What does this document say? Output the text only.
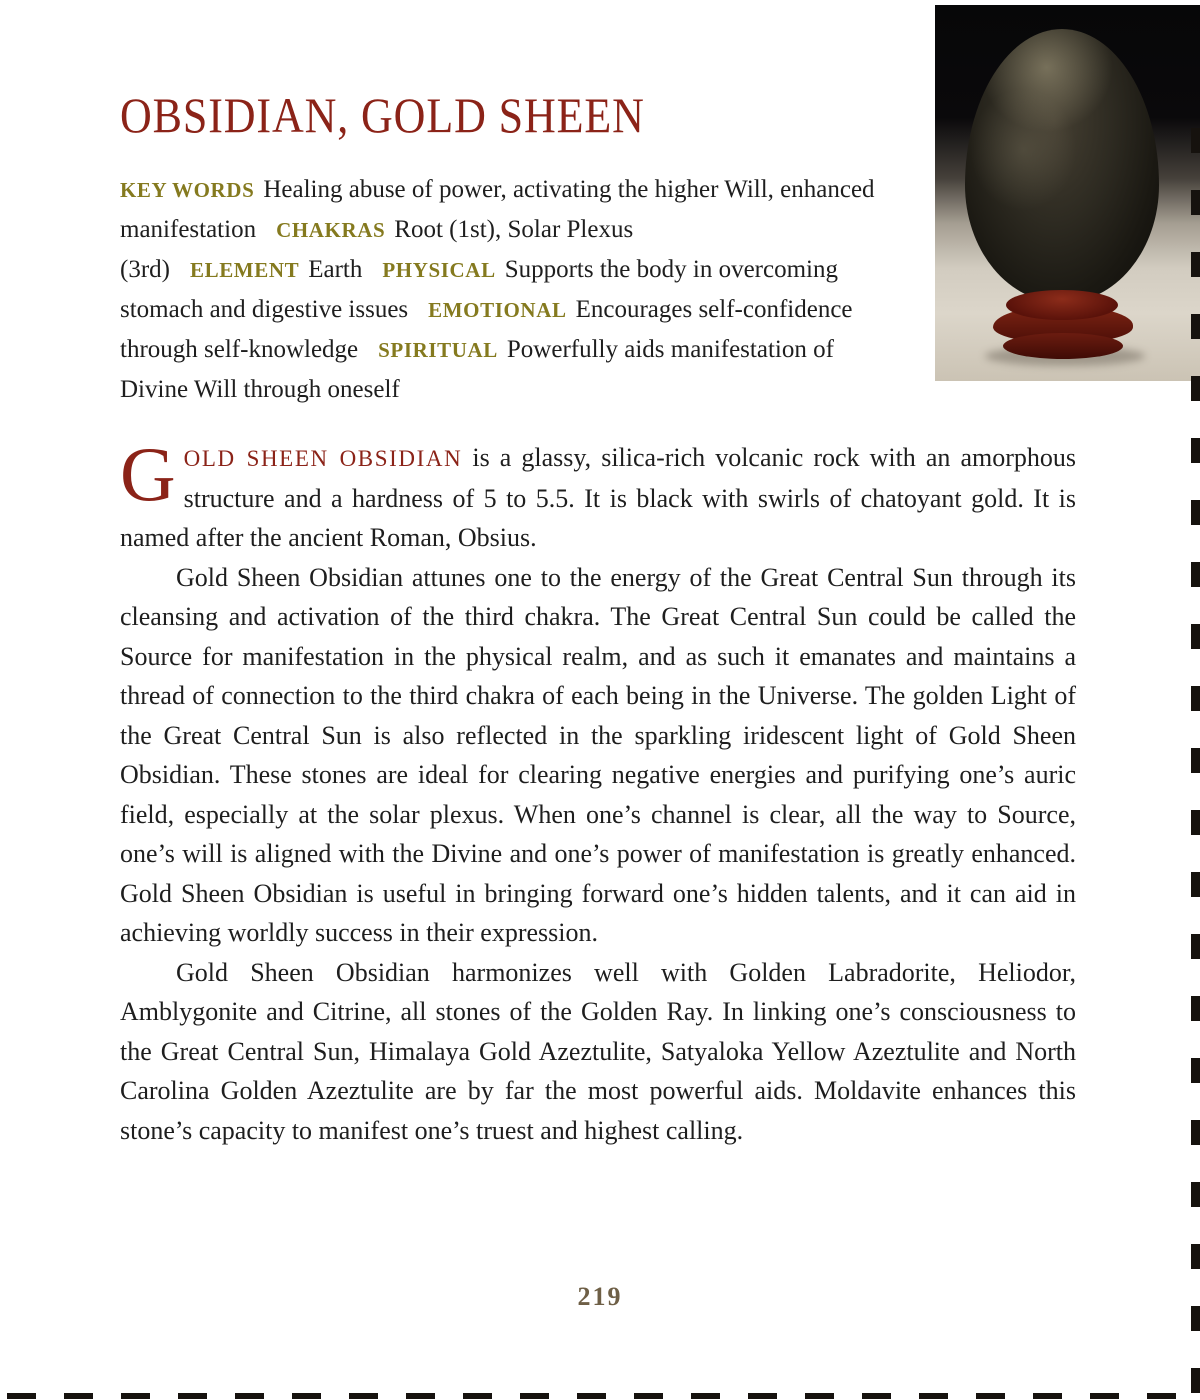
OBSIDIAN, GOLD SHEEN

KEY WORDS Healing abuse of power, activating the higher Will, enhanced manifestation CHAKRAS Root (1st), Solar Plexus (3rd) ELEMENT Earth PHYSICAL Supports the body in overcoming stomach and digestive issues EMOTIONAL Encourages self-confidence through self-knowledge SPIRITUAL Powerfully aids manifestation of Divine Will through oneself

GOLD SHEEN OBSIDIAN is a glassy, silica-rich volcanic rock with an amorphous structure and a hardness of 5 to 5.5. It is black with swirls of chatoyant gold. It is named after the ancient Roman, Obsius.

Gold Sheen Obsidian attunes one to the energy of the Great Central Sun through its cleansing and activation of the third chakra. The Great Central Sun could be called the Source for manifestation in the physical realm, and as such it emanates and maintains a thread of connection to the third chakra of each being in the Universe. The golden Light of the Great Central Sun is also reflected in the sparkling iridescent light of Gold Sheen Obsidian. These stones are ideal for clearing negative energies and purifying one’s auric field, especially at the solar plexus. When one’s channel is clear, all the way to Source, one’s will is aligned with the Divine and one’s power of manifestation is greatly enhanced. Gold Sheen Obsidian is useful in bringing forward one’s hidden talents, and it can aid in achieving worldly success in their expression.

Gold Sheen Obsidian harmonizes well with Golden Labradorite, Heliodor, Amblygonite and Citrine, all stones of the Golden Ray. In linking one’s consciousness to the Great Central Sun, Himalaya Gold Azeztulite, Satyaloka Yellow Azeztulite and North Carolina Golden Azeztulite are by far the most powerful aids. Moldavite enhances this stone’s capacity to manifest one’s truest and highest calling.

219
